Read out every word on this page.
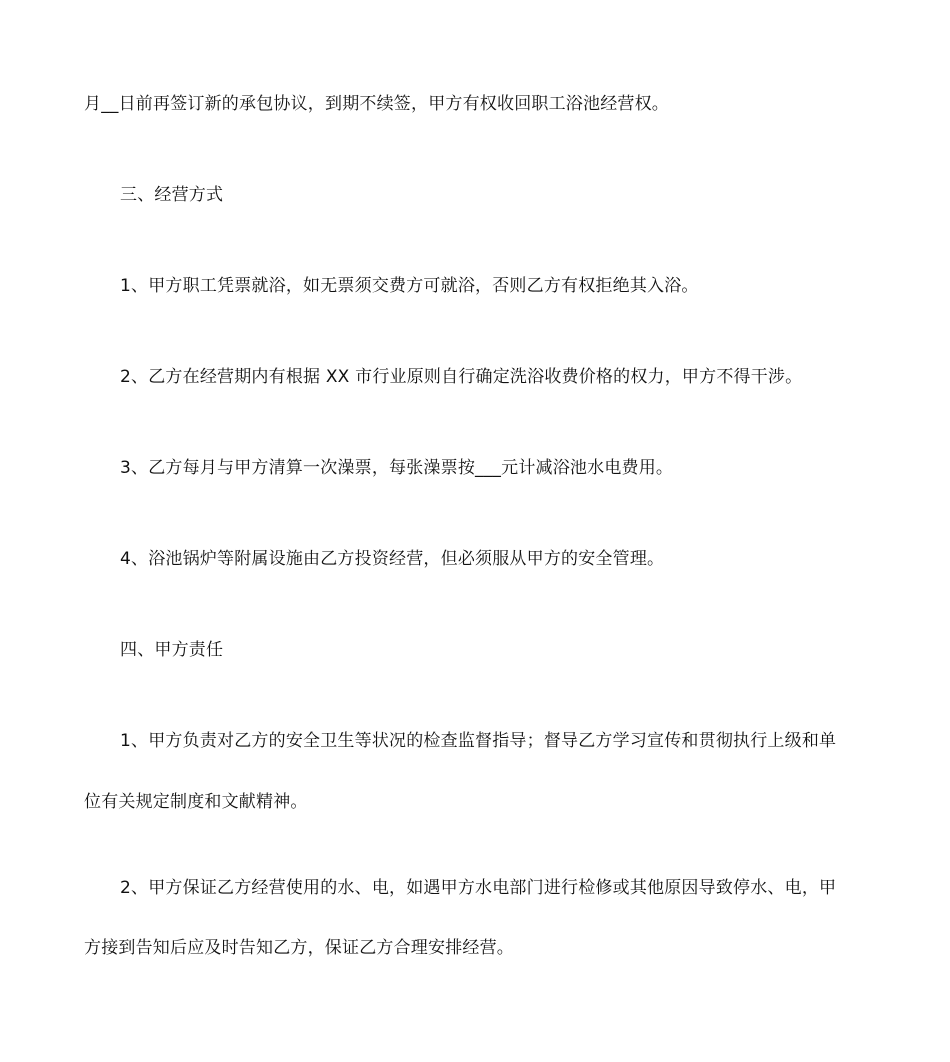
月__日前再签订新的承包协议，到期不续签，甲方有权收回职工浴池经营权。
三、经营方式
1、甲方职工凭票就浴，如无票须交费方可就浴，否则乙方有权拒绝其入浴。
2、乙方在经营期内有根据 XX 市行业原则自行确定洗浴收费价格的权力，甲方不得干涉。
3、乙方每月与甲方清算一次澡票，每张澡票按___元计减浴池水电费用。
4、浴池锅炉等附属设施由乙方投资经营，但必须服从甲方的安全管理。
四、甲方责任
1、甲方负责对乙方的安全卫生等状况的检查监督指导；督导乙方学习宣传和贯彻执行上级和单
位有关规定制度和文献精神。
2、甲方保证乙方经营使用的水、电，如遇甲方水电部门进行检修或其他原因导致停水、电，甲
方接到告知后应及时告知乙方，保证乙方合理安排经营。
